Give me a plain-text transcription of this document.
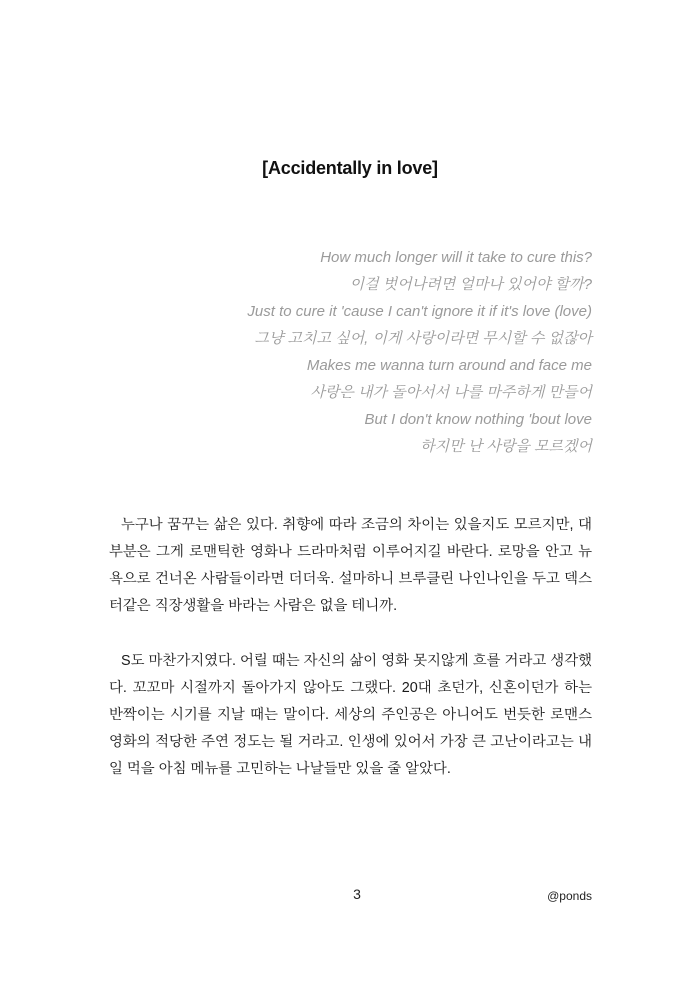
[Accidentally in love]
How much longer will it take to cure this?
이걸 벗어나려면 얼마나 있어야 할까?
Just to cure it 'cause I can't ignore it if it's love (love)
그냥 고치고 싶어, 이게 사랑이라면 무시할 수 없잖아
Makes me wanna turn around and face me
사랑은 내가 돌아서서 나를 마주하게 만들어
But I don't know nothing 'bout love
하지만 난 사랑을 모르겠어

누구나 꿈꾸는 삶은 있다. 취향에 따라 조금의 차이는 있을지도 모르지만, 대부분은 그게 로맨틱한 영화나 드라마처럼 이루어지길 바란다. 로망을 안고 뉴욕으로 건너온 사람들이라면 더더욱. 설마하니 브루클린 나인나인을 두고 덱스터같은 직장생활을 바라는 사람은 없을 테니까.

S도 마찬가지였다. 어릴 때는 자신의 삶이 영화 못지않게 흐를 거라고 생각했다. 꼬꼬마 시절까지 돌아가지 않아도 그랬다. 20대 초던가, 신혼이던가 하는 반짝이는 시기를 지날 때는 말이다. 세상의 주인공은 아니어도 번듯한 로맨스 영화의 적당한 주연 정도는 될 거라고. 인생에 있어서 가장 큰 고난이라고는 내일 먹을 아침 메뉴를 고민하는 나날들만 있을 줄 알았다.

3	@ponds
